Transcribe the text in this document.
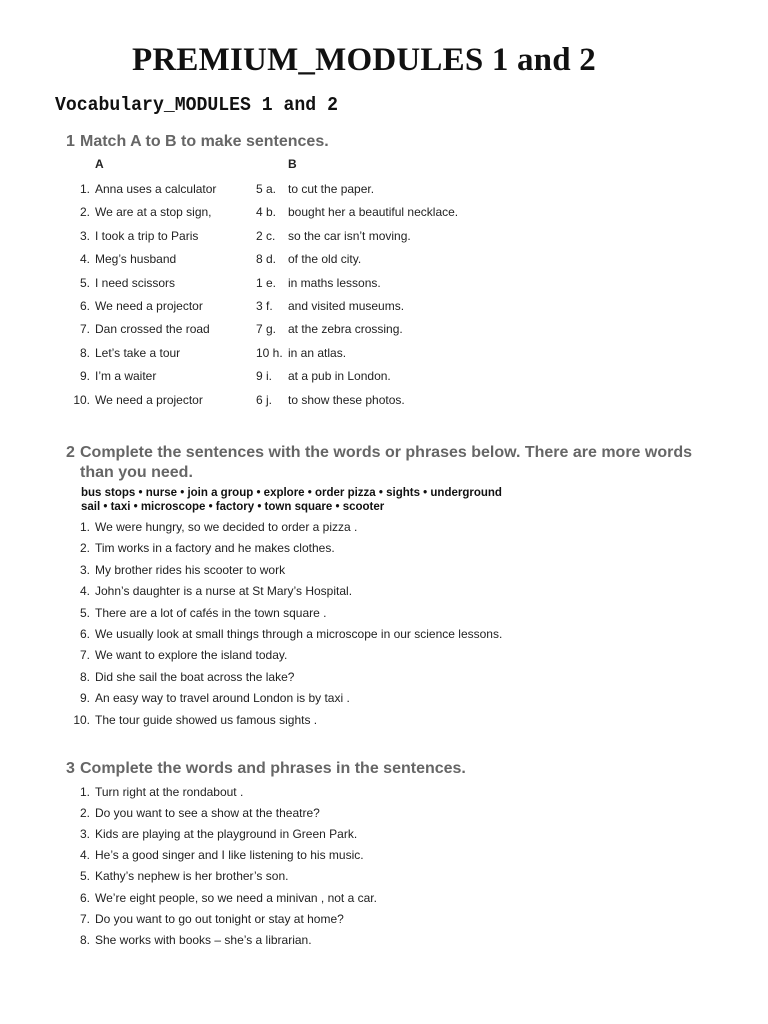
PREMIUM_MODULES 1 and 2
Vocabulary_MODULES 1 and 2
1 Match A to B to make sentences.
A	B
1. Anna uses a calculator	5 a. to cut the paper.
2. We are at a stop sign,	4 b. bought her a beautiful necklace.
3. I took a trip to Paris	2 c. so the car isn’t moving.
4. Meg’s husband	8 d. of the old city.
5. I need scissors	1 e. in maths lessons.
6. We need a projector	3 f. and visited museums.
7. Dan crossed the road	7 g. at the zebra crossing.
8. Let’s take a tour	10 h. in an atlas.
9. I’m a waiter	9 i. at a pub in London.
10. We need a projector	6 j. to show these photos.
2 Complete the sentences with the words or phrases below. There are more words than you need.
bus stops • nurse • join a group • explore • order pizza • sights • underground
sail • taxi • microscope • factory • town square • scooter
1. We were hungry, so we decided to order a pizza .
2. Tim works in a factory and he makes clothes.
3. My brother rides his scooter to work
4. John’s daughter is a nurse at St Mary’s Hospital.
5. There are a lot of cafés in the town square .
6. We usually look at small things through a microscope in our science lessons.
7. We want to explore the island today.
8. Did she sail the boat across the lake?
9. An easy way to travel around London is by taxi .
10. The tour guide showed us famous sights .
3 Complete the words and phrases in the sentences.
1. Turn right at the rondabout .
2. Do you want to see a show at the theatre?
3. Kids are playing at the playground in Green Park.
4. He’s a good singer and I like listening to his music.
5. Kathy’s nephew is her brother’s son.
6. We’re eight people, so we need a minivan , not a car.
7. Do you want to go out tonight or stay at home?
8. She works with books – she’s a librarian.
